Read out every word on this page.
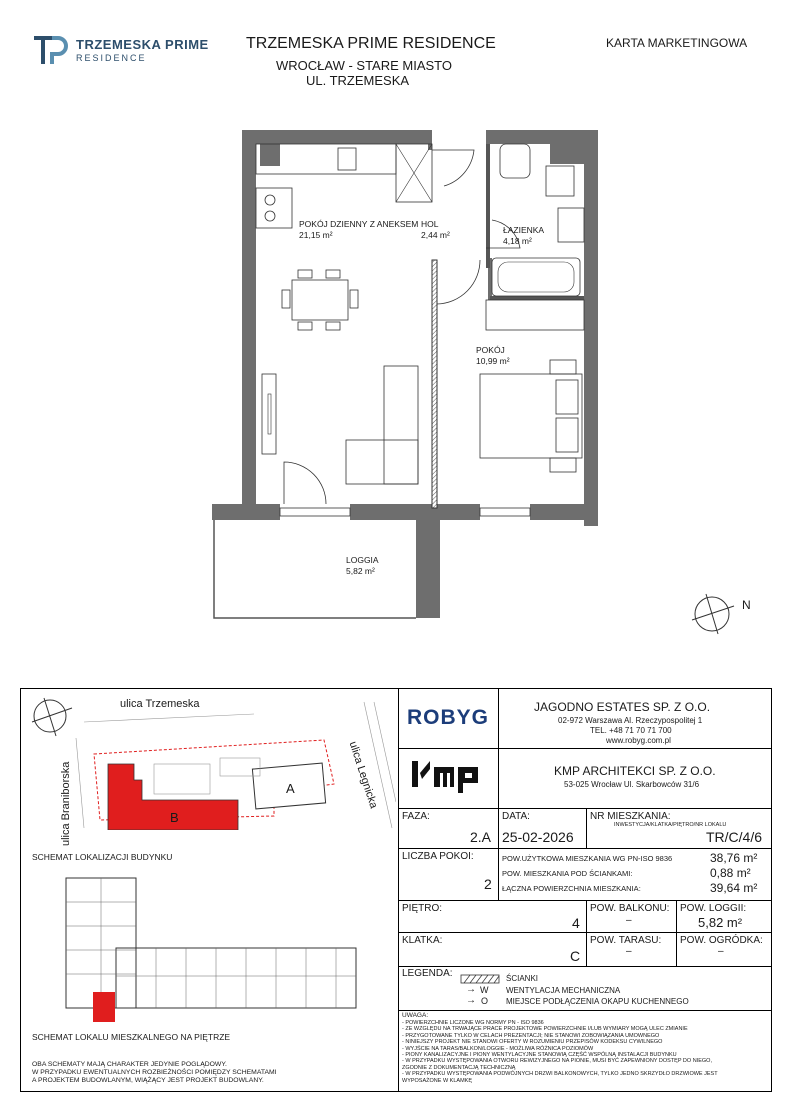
TRZEMESKA PRIME
RESIDENCE
TRZEMESKA PRIME RESIDENCE
WROCŁAW - STARE MIASTO
UL. TRZEMESKA
KARTA MARKETINGOWA
POKÓJ DZIENNY Z ANEKSEM
21,15 m²
HOL
2,44 m²	ŁAZIENKA
4,18 m²
POKÓJ
10,99 m²
LOGGIA
5,82 m²
N
ulica Trzemeska
ulica Braniborska	ulica Legnicka
A
B
SCHEMAT LOKALIZACJI BUDYNKU
SCHEMAT LOKALU MIESZKALNEGO NA PIĘTRZE
OBA SCHEMATY MAJĄ CHARAKTER JEDYNIE POGLĄDOWY.
W PRZYPADKU EWENTUALNYCH ROZBIEŻNOŚCI POMIĘDZY SCHEMATAMI
A PROJEKTEM BUDOWLANYM, WIĄŻĄCY JEST PROJEKT BUDOWLANY.
ROBYG	JAGODNO ESTATES SP. Z O.O.
02-972 Warszawa Al. Rzeczypospolitej 1
TEL. +48 71 70 71 700
www.robyg.com.pl
KMP ARCHITEKCI SP. Z O.O.
53-025 Wrocław Ul. Skarbowców 31/6
FAZA:
2.A
DATA:
25-02-2026
NR MIESZKANIA:
INWESTYCJA/KLATKA/PIĘTRO/NR LOKALU
TR/C/4/6
LICZBA POKOI:
2
POW.UŻYTKOWA MIESZKANIA WG PN-ISO 9836	38,76 m²
POW. MIESZKANIA POD ŚCIANKAMI:	0,88 m²
ŁĄCZNA POWIERZCHNIA MIESZKANIA:	39,64 m²
PIĘTRO:
4
POW. BALKONU:
–
POW. LOGGII:
5,82 m²
KLATKA:
C
POW. TARASU:
–
POW. OGRÓDKA:
–
LEGENDA:	ŚCIANKI
→ W WENTYLACJA MECHANICZNA
→ O MIEJSCE PODŁĄCZENIA OKAPU KUCHENNEGO
UWAGA:
- POWIERZCHNIE LICZONE WG NORMY PN - ISO 9836
- ZE WZGLĘDU NA TRWAJĄCE PRACE PROJEKTOWE POWIERZCHNIE I/LUB WYMIARY MOGĄ ULEC ZMIANIE
- PRZYGOTOWANE TYLKO W CELACH PREZENTACJI; NIE STANOWI ZOBOWIĄZANIA UMOWNEGO
- NINIEJSZY PROJEKT NIE STANOWI OFERTY W ROZUMIENIU PRZEPISÓW KODEKSU CYWILNEGO
- WYJŚCIE NA TARAS/BALKON/LOGGIE - MOŻLIWA RÓŻNICA POZIOMÓW
- PIONY KANALIZACYJNE I PIONY WENTYLACYJNE STANOWIĄ CZĘŚĆ WSPÓLNĄ INSTALACJI BUDYNKU
- W PRZYPADKU WYSTĘPOWANIA OTWORU REWIZYJNEGO NA PIONIE, MUSI BYĆ ZAPEWNIONY DOSTĘP DO NIEGO,
ZGODNIE Z DOKUMENTACJĄ TECHNICZNĄ
- W PRZYPADKU WYSTĘPOWANIA PODWÓJNYCH DRZWI BALKONOWYCH, TYLKO JEDNO SKRZYDŁO DRZWIOWE JEST
WYPOSAŻONE W KLAMKĘ
